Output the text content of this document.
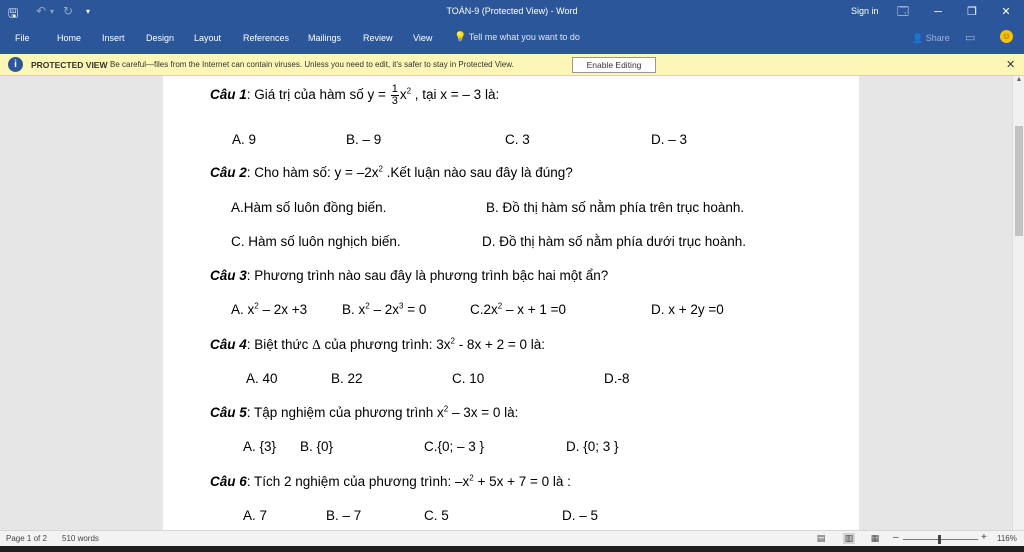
🖫 ↶ ▾ ↻ ▾	TOÁN-9 (Protected View) - Word	Sign in	🗔	─	❐	✕
File	Home Insert Design Layout References Mailings Review View 💡 Tell me what you want to do	👤 Share ▭	☺
i	PROTECTED VIEW Be careful—files from the Internet can contain viruses. Unless you need to edit, it's safer to stay in Protected View.	Enable Editing	✕
Câu 1: Giá trị của hàm số $y = \frac{1}{3} x^2$ , tại x = – 3 là:
A. 9	B. – 9	C. 3	D. – 3
Câu 2: Cho hàm số: $y = -2x^2$ .Kết luận nào sau đây là đúng?
A.Hàm số luôn đồng biến.	B. Đồ thị hàm số nằm phía trên trục hoành.
C. Hàm số luôn nghịch biến.	D. Đồ thị hàm số nằm phía dưới trục hoành.
Câu 3: Phương trình nào sau đây là phương trình bậc hai một ẩn?
A. $x^2 - 2x +3$	B. $x^2 - 2x^3 = 0$	$C.2x^2 - x + 1 =0$	D. x + 2y =0
Câu 4: Biệt thức Δ của phương trình: $3x^2 - 8x + 2 = 0$ là:
A. 40	B. 22	C. 10	D.-8
Câu 5: Tập nghiệm của phương trình $x^2 - 3x = 0$ là:
A. {3} B. {0}	C.{0; – 3 }	D. {0; 3 }
Câu 6: Tích 2 nghiệm của phương trình: $-x^2 + 5x + 7 = 0$ là :
A. 7	B. – 7	C. 5	D. – 5
▲
Page 1 of 2 510 words	▤ ▥ ▦ –	+ 116%
